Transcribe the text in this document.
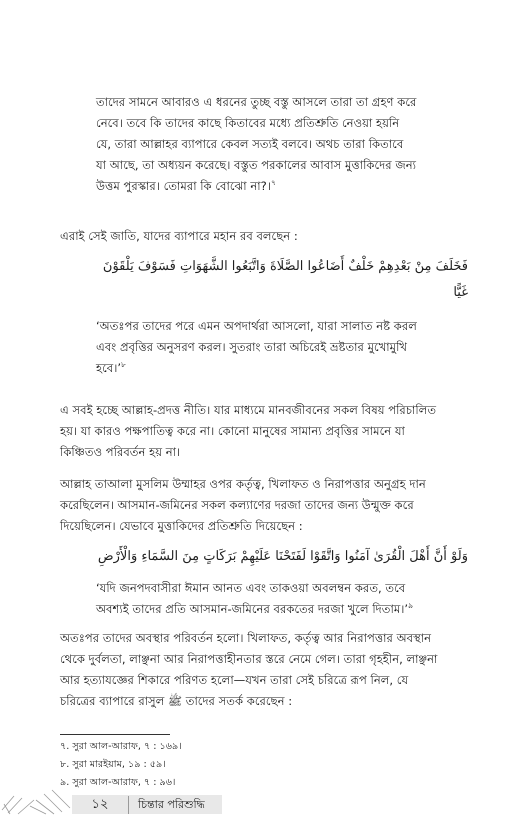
তাদের সামনে আবারও এ ধরনের তুচ্ছ বস্তু আসলে তারা তা গ্রহণ করে
নেবে। তবে কি তাদের কাছে কিতাবের মধ্যে প্রতিশ্রুতি নেওয়া হয়নি
যে, তারা আল্লাহর ব্যাপারে কেবল সত্যই বলবে। অথচ তারা কিতাবে
যা আছে, তা অধ্যয়ন করেছে। বস্তুত পরকালের আবাস মুত্তাকিদের জন্য
উত্তম পুরস্কার। তোমরা কি বোঝো না?।$^৭$
এরাই সেই জাতি, যাদের ব্যাপারে মহান রব বলছেন :
فَخَلَفَ مِنْ بَعْدِهِمْ خَلْفٌ أَضَاعُوا الصَّلَاةَ وَاتَّبَعُوا الشَّهَوَاتِ فَسَوْفَ يَلْقَوْنَ
غَيًّا
‘অতঃপর তাদের পরে এমন অপদার্থরা আসলো, যারা সালাত নষ্ট করল
এবং প্রবৃত্তির অনুসরণ করল। সুতরাং তারা অচিরেই ভ্রষ্টতার মুখোমুখি
হবে।’$^৮$
এ সবই হচ্ছে আল্লাহ-প্রদত্ত নীতি। যার মাধ্যমে মানবজীবনের সকল বিষয় পরিচালিত
হয়। যা কারও পক্ষপাতিত্ব করে না। কোনো মানুষের সামান্য প্রবৃত্তির সামনে যা
কিঞ্চিতও পরিবর্তন হয় না।
আল্লাহ তাআলা মুসলিম উম্মাহর ওপর কর্তৃত্ব, খিলাফত ও নিরাপত্তার অনুগ্রহ দান
করেছিলেন। আসমান-জমিনের সকল কল্যাণের দরজা তাদের জন্য উন্মুক্ত করে
দিয়েছিলেন। যেভাবে মুত্তাকিদের প্রতিশ্রুতি দিয়েছেন :
وَلَوْ أَنَّ أَهْلَ الْقُرَىٰ آمَنُوا وَاتَّقَوْا لَفَتَحْنَا عَلَيْهِمْ بَرَكَاتٍ مِنَ السَّمَاءِ وَالْأَرْضِ
‘যদি জনপদবাসীরা ঈমান আনত এবং তাকওয়া অবলম্বন করত, তবে
অবশ্যই তাদের প্রতি আসমান-জমিনের বরকতের দরজা খুলে দিতাম।’$^৯$
অতঃপর তাদের অবস্থার পরিবর্তন হলো। খিলাফত, কর্তৃত্ব আর নিরাপত্তার অবস্থান
থেকে দুর্বলতা, লাঞ্ছনা আর নিরাপত্তাহীনতার স্তরে নেমে গেল। তারা গৃহহীন, লাঞ্ছনা
আর হত্যাযজ্ঞের শিকারে পরিণত হলো—যখন তারা সেই চরিত্রে রূপ নিল, যে
চরিত্রের ব্যাপারে রাসুল ﷺ তাদের সতর্ক করেছেন :
৭. সুরা আল-আরাফ, ৭ : ১৬৯।
৮. সুরা মারইয়াম, ১৯ : ৫৯।
৯. সুরা আল-আরাফ, ৭ : ৯৬।
১২	চিন্তার পরিশুদ্ধি
